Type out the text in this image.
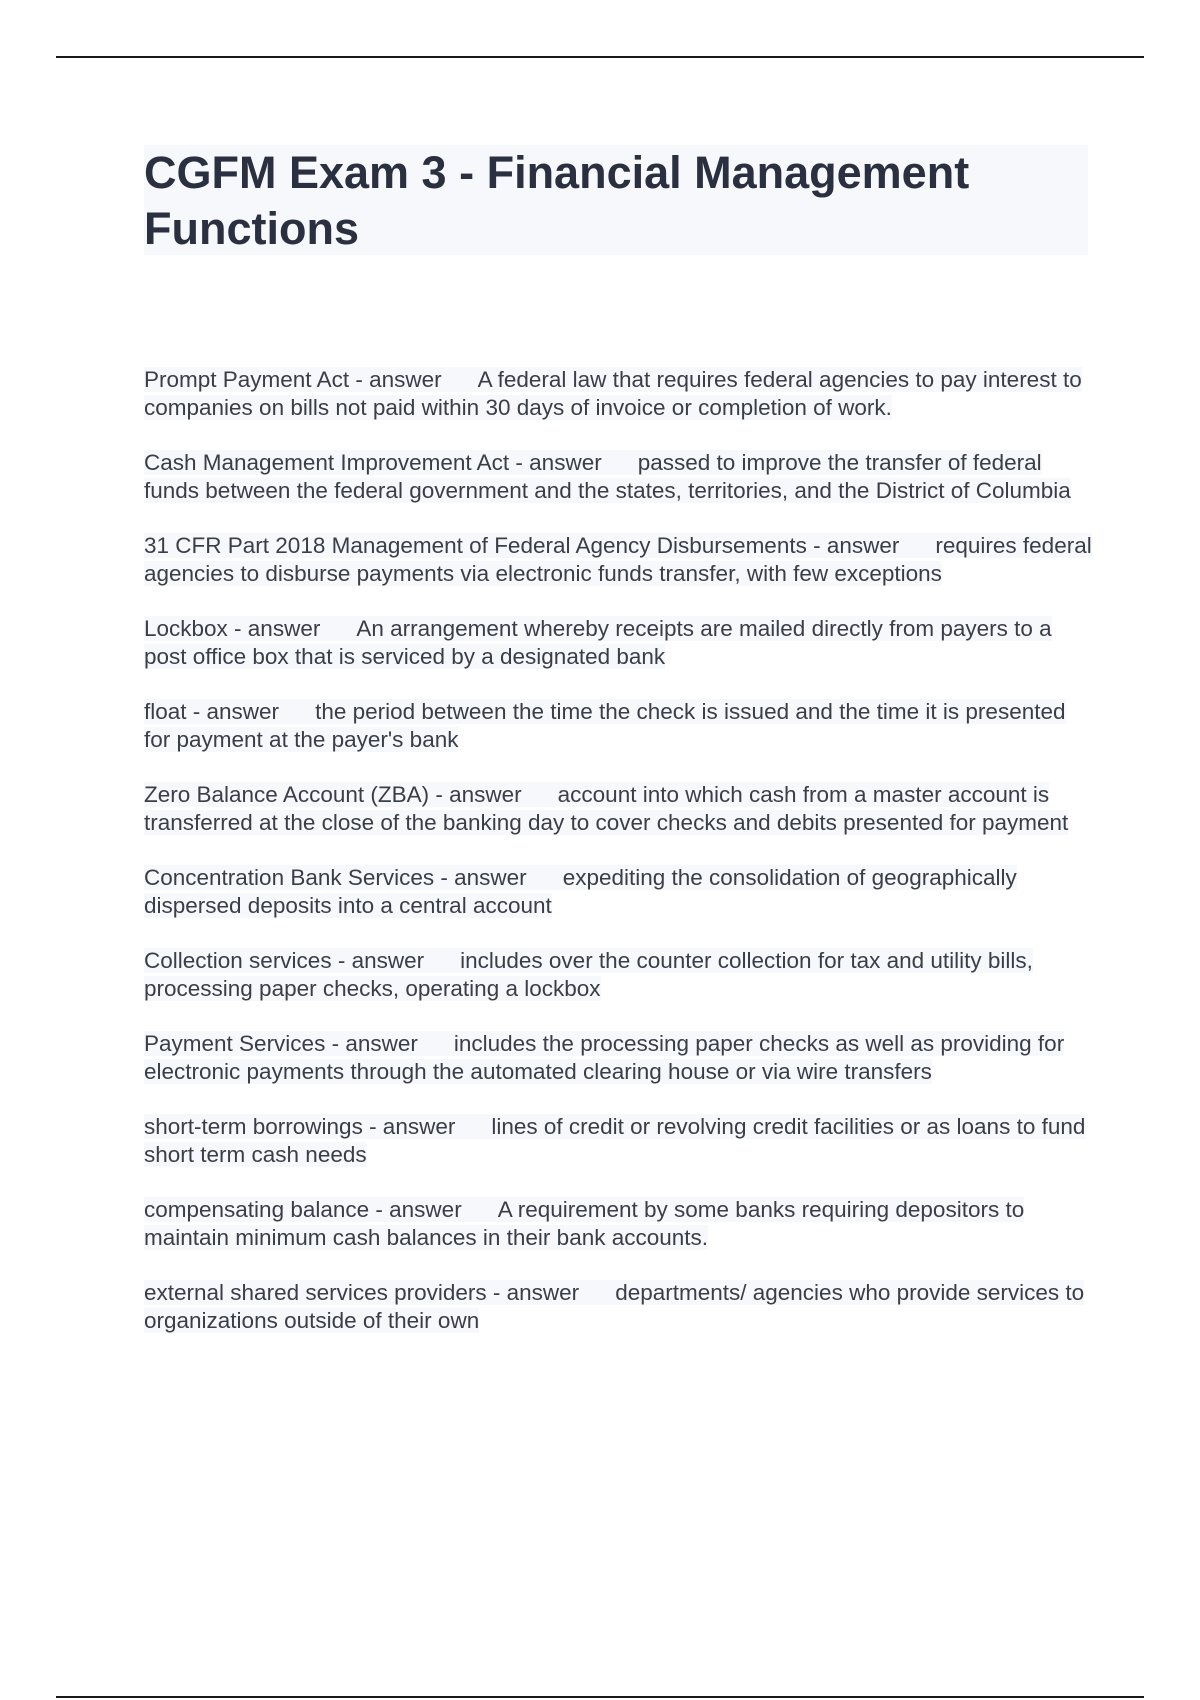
CGFM Exam 3 - Financial Management Functions

Prompt Payment Act - answer A federal law that requires federal agencies to pay interest to companies on bills not paid within 30 days of invoice or completion of work.

Cash Management Improvement Act - answer passed to improve the transfer of federal funds between the federal government and the states, territories, and the District of Columbia

31 CFR Part 2018 Management of Federal Agency Disbursements - answer requires federal agencies to disburse payments via electronic funds transfer, with few exceptions

Lockbox - answer An arrangement whereby receipts are mailed directly from payers to a post office box that is serviced by a designated bank

float - answer the period between the time the check is issued and the time it is presented for payment at the payer's bank

Zero Balance Account (ZBA) - answer account into which cash from a master account is transferred at the close of the banking day to cover checks and debits presented for payment

Concentration Bank Services - answer expediting the consolidation of geographically dispersed deposits into a central account

Collection services - answer includes over the counter collection for tax and utility bills, processing paper checks, operating a lockbox

Payment Services - answer includes the processing paper checks as well as providing for electronic payments through the automated clearing house or via wire transfers

short-term borrowings - answer lines of credit or revolving credit facilities or as loans to fund short term cash needs

compensating balance - answer A requirement by some banks requiring depositors to maintain minimum cash balances in their bank accounts.

external shared services providers - answer departments/ agencies who provide services to organizations outside of their own
